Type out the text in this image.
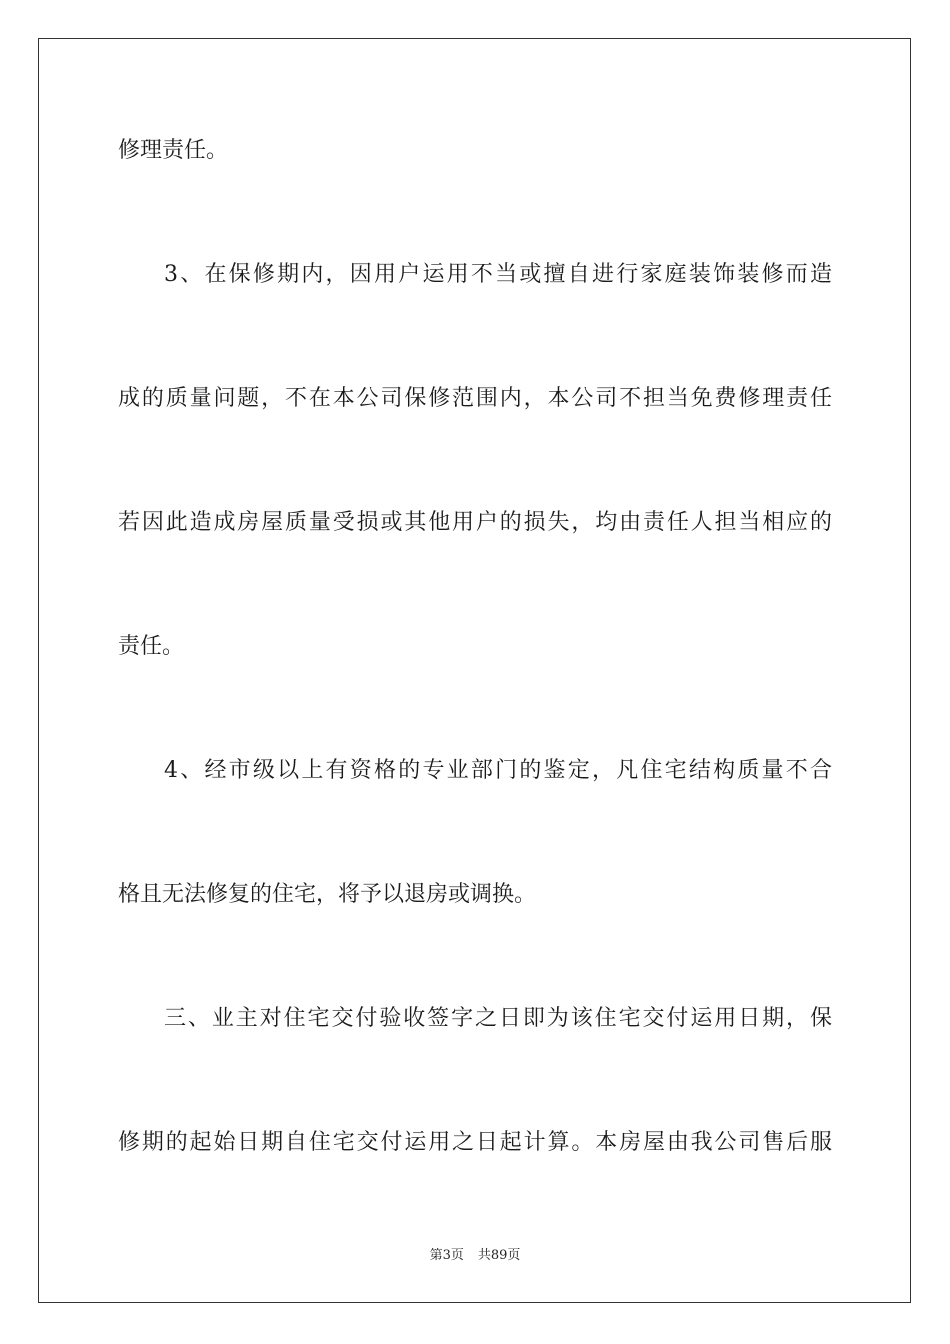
修理责任。
3、在保修期内，因用户运用不当或擅自进行家庭装饰装修而造
成的质量问题，不在本公司保修范围内，本公司不担当免费修理责任
若因此造成房屋质量受损或其他用户的损失，均由责任人担当相应的
责任。
4、经市级以上有资格的专业部门的鉴定，凡住宅结构质量不合
格且无法修复的住宅，将予以退房或调换。
三、业主对住宅交付验收签字之日即为该住宅交付运用日期，保
修期的起始日期自住宅交付运用之日起计算。本房屋由我公司售后服
第3页 共89页
